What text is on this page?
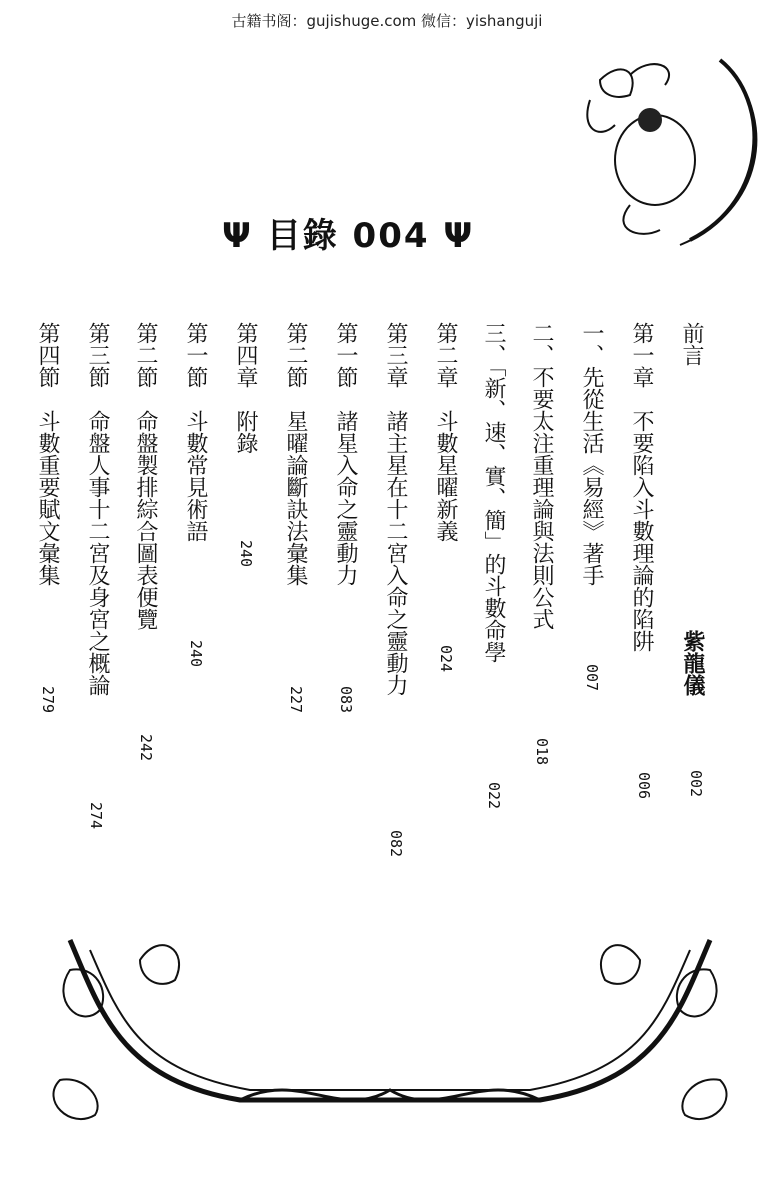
古籍书阁：gujishuge.com 微信：yishanguji
Ψ 目錄 004 Ψ
前言
紫龍儀
002
第一章　不要陷入斗數理論的陷阱
006
一、先從生活《易經》著手
007
二、不要太注重理論與法則公式
018
三、「新、速、實、簡」的斗數命學
022
第二章　斗數星曜新義
024
第三章　諸主星在十二宮入命之靈動力
082
第一節　諸星入命之靈動力
083
第二節　星曜論斷訣法彙集
227
第四章　附錄
240
第一節　斗數常見術語
240
第二節　命盤製排綜合圖表便覽
242
第三節　命盤人事十二宮及身宮之概論
274
第四節　斗數重要賦文彙集
279
